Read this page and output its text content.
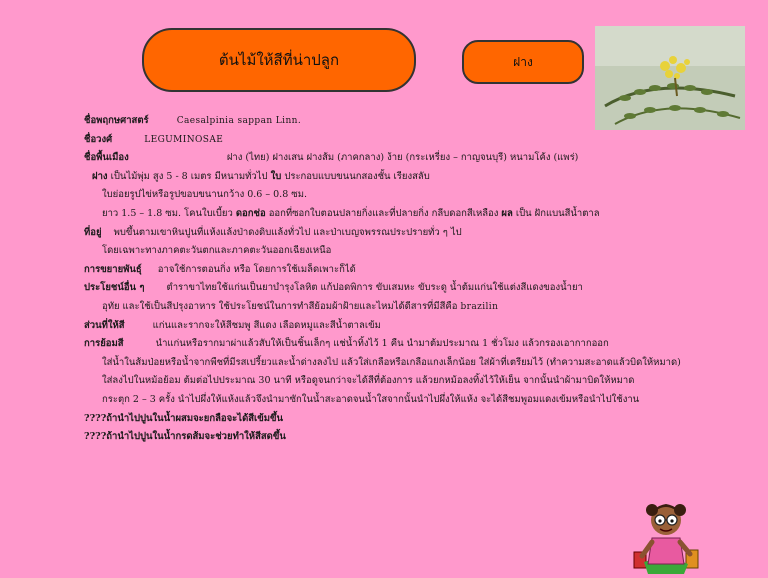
ต้นไม้ให้สีที่น่าปลูก	ฝาง
ชื่อพฤกษศาสตร์	Caesalpinia sappan Linn.
ชื่อวงศ์	LEGUMINOSAE
ชื่อพื้นเมือง	ฝาง (ไทย) ฝางเสน ฝางส้ม (ภาคกลาง) ง้าย (กระเหรี่ยง – กาญจนบุรี) หนามโค้ง (แพร่)
ฝาง เป็นไม้พุ่ม สูง 5 - 8 เมตร มีหนามทั่วไป ใบ ประกอบแบบขนนกสองชั้น เรียงสลับ
ใบย่อยรูปไข่หรือรูปขอบขนานกว้าง 0.6 – 0.8 ซม.
ยาว 1.5 – 1.8 ซม. โคนใบเบี้ยว ดอกช่อ ออกที่ซอกใบตอนปลายกิ่งและที่ปลายกิ่ง กลีบดอกสีเหลือง ผล เป็น ฝักแบนสีน้ำตาล
ที่อยู่ พบขึ้นตามเขาหินปูนที่แห้งแล้งป่าดงดิบแล้งทั่วไป และป่าเบญจพรรณประปรายทั่ว ๆ ไป
โดยเฉพาะทางภาคตะวันตกและภาคตะวันออกเฉียงเหนือ
การขยายพันธุ์ อาจใช้การตอนกิ่ง หรือ โดยการใช้เมล็ดเพาะก็ได้
ประโยชน์อื่น ๆ ตำราขาไทยใช้แก่นเป็นยาบำรุงโลหิต แก้ปอดพิการ ขับเสมหะ ขับระดู น้ำต้มแก่นใช้แต่งสีแดงของน้ำยา
อุทัย และใช้เป็นสีปรุงอาหาร ใช้ประโยชน์ในการทำสีย้อมผ้าฝ้ายและไหมได้ดีสารที่มีสีคือ brazilin
ส่วนที่ให้สี	แก่นและรากจะให้สีชมพู สีแดง เลือดหมูและสีน้ำตาลเข้ม
การย้อมสี	นำแก่นหรือรากมาผ่าแล้วสับให้เป็นชิ้นเล็กๆ แช่น้ำทิ้งไว้ 1 คืน นำมาต้มประมาณ 1 ชั่วโมง แล้วกรองเอากากออก
ใส่น้ำในส้มป่อยหรือน้ำจากพืชที่มีรสเปรี้ยวและน้ำด่างลงไป แล้วใส่เกลือหรือเกลือแกงเล็กน้อย ใส่ผ้าที่เตรียมไว้ (ทำความสะอาดแล้วบิดให้หมาด)
ใส่ลงไปในหม้อย้อม ต้มต่อไปประมาณ 30 นาที หรือดูจนกว่าจะได้สีที่ต้องการ แล้วยกหม้อลงทิ้งไว้ให้เย็น จากนั้นนำผ้ามาบิดให้หมาด
กระตุก 2 – 3 ครั้ง นำไปผึ่งให้แห้งแล้วจึงนำมาซักในน้ำสะอาดจนน้ำใสจากนั้นนำไปผึ่งให้แห้ง จะได้สีชมพูอมแดงเข้มหรือนำไปใช้งาน
????ถ้านำไปปูนในน้ำผสมจะยกลือจะได้สีเข้มขึ้น
????ถ้านำไปปูนในน้ำกรดส้มจะช่วยทำให้สีสดขึ้น
